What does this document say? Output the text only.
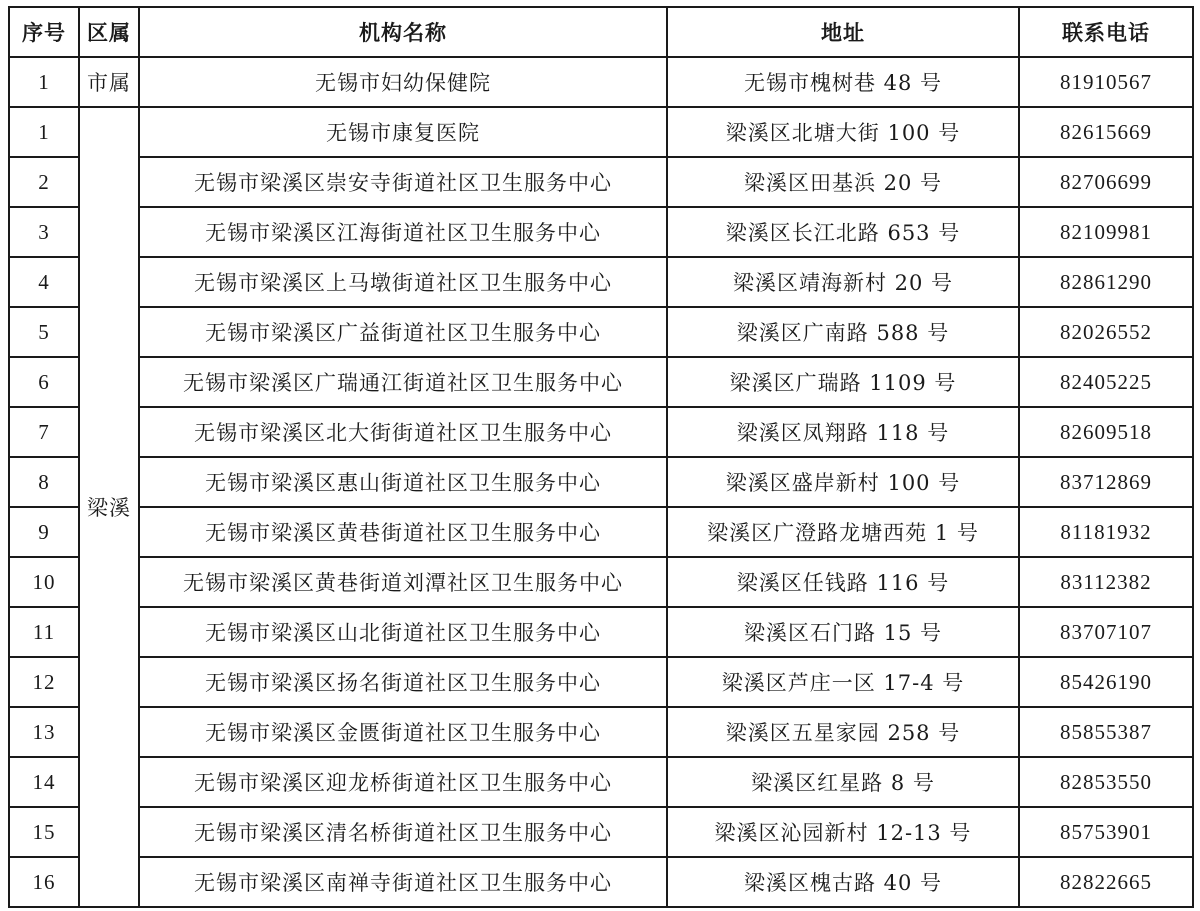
序号	区属	机构名称	地址	联系电话
1	市属	无锡市妇幼保健院	无锡市槐树巷 48 号	81910567
1	梁溪	无锡市康复医院	梁溪区北塘大街 100 号	82615669
2		无锡市梁溪区崇安寺街道社区卫生服务中心	梁溪区田基浜 20 号	82706699
3		无锡市梁溪区江海街道社区卫生服务中心	梁溪区长江北路 653 号	82109981
4		无锡市梁溪区上马墩街道社区卫生服务中心	梁溪区靖海新村 20 号	82861290
5		无锡市梁溪区广益街道社区卫生服务中心	梁溪区广南路 588 号	82026552
6		无锡市梁溪区广瑞通江街道社区卫生服务中心	梁溪区广瑞路 1109 号	82405225
7		无锡市梁溪区北大街街道社区卫生服务中心	梁溪区凤翔路 118 号	82609518
8		无锡市梁溪区惠山街道社区卫生服务中心	梁溪区盛岸新村 100 号	83712869
9		无锡市梁溪区黄巷街道社区卫生服务中心	梁溪区广澄路龙塘西苑 1 号	81181932
10		无锡市梁溪区黄巷街道刘潭社区卫生服务中心	梁溪区任钱路 116 号	83112382
11		无锡市梁溪区山北街道社区卫生服务中心	梁溪区石门路 15 号	83707107
12		无锡市梁溪区扬名街道社区卫生服务中心	梁溪区芦庄一区 17-4 号	85426190
13		无锡市梁溪区金匮街道社区卫生服务中心	梁溪区五星家园 258 号	85855387
14		无锡市梁溪区迎龙桥街道社区卫生服务中心	梁溪区红星路 8 号	82853550
15		无锡市梁溪区清名桥街道社区卫生服务中心	梁溪区沁园新村 12-13 号	85753901
16		无锡市梁溪区南禅寺街道社区卫生服务中心	梁溪区槐古路 40 号	82822665
